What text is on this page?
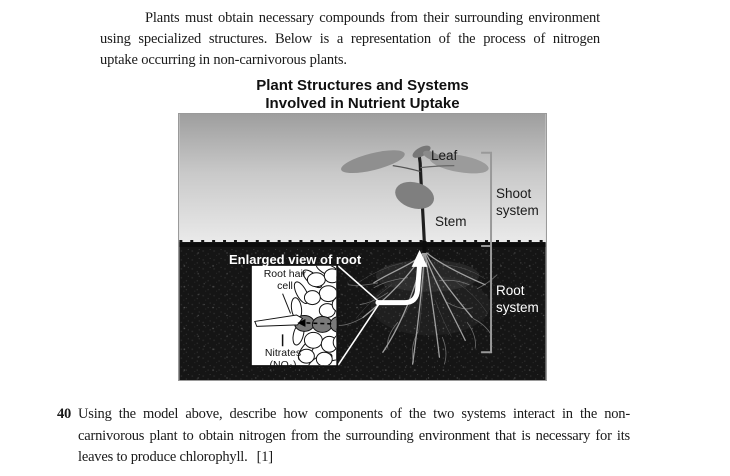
Plants must obtain necessary compounds from their surrounding environment
using specialized structures. Below is a representation of the process of nitrogen
uptake occurring in non-carnivorous plants.
Plant Structures and Systems
Involved in Nutrient Uptake
Leaf
Stem
Shoot system
Root system
Enlarged view of root
Root hair cell
Nitrates
(NO₃)
40 Using the model above, describe how components of the two systems interact in the non-
carnivorous plant to obtain nitrogen from the surrounding environment that is necessary for its
leaves to produce chlorophyll. [1]
